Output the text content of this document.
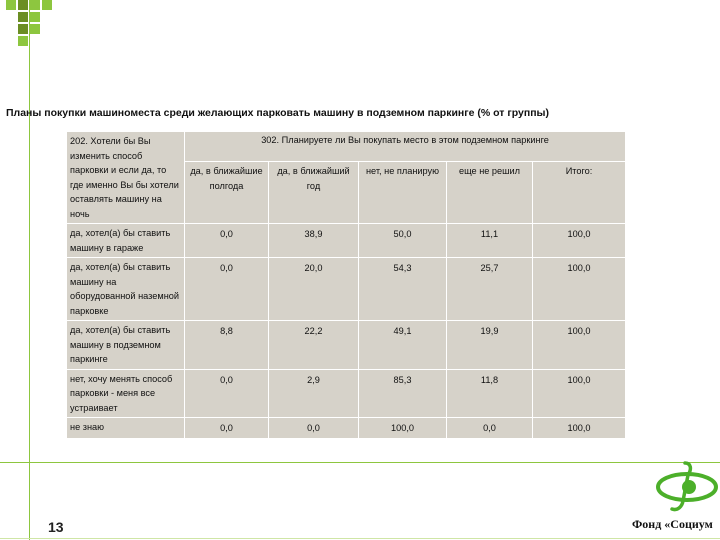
Планы покупки машиноместа среди желающих парковать машину в подземном паркинге (% от группы)
202. Хотели бы Вы изменить способ парковки и если да, то где именно Вы бы хотели оставлять машину на ночь	302. Планируете ли Вы покупать место в этом подземном паркинге				
	да, в ближайшие полгода	да, в ближайший год	нет, не планирую	еще не решил	Итого:
да, хотел(а) бы ставить машину в гараже	0,0	38,9	50,0	11,1	100,0
да, хотел(а) бы ставить машину на оборудованной наземной парковке	0,0	20,0	54,3	25,7	100,0
да, хотел(а) бы ставить машину в подземном паркинге	8,8	22,2	49,1	19,9	100,0
нет, хочу менять способ парковки - меня все устраивает	0,0	2,9	85,3	11,8	100,0
не знаю	0,0	0,0	100,0	0,0	100,0
13	Фонд «Социум
